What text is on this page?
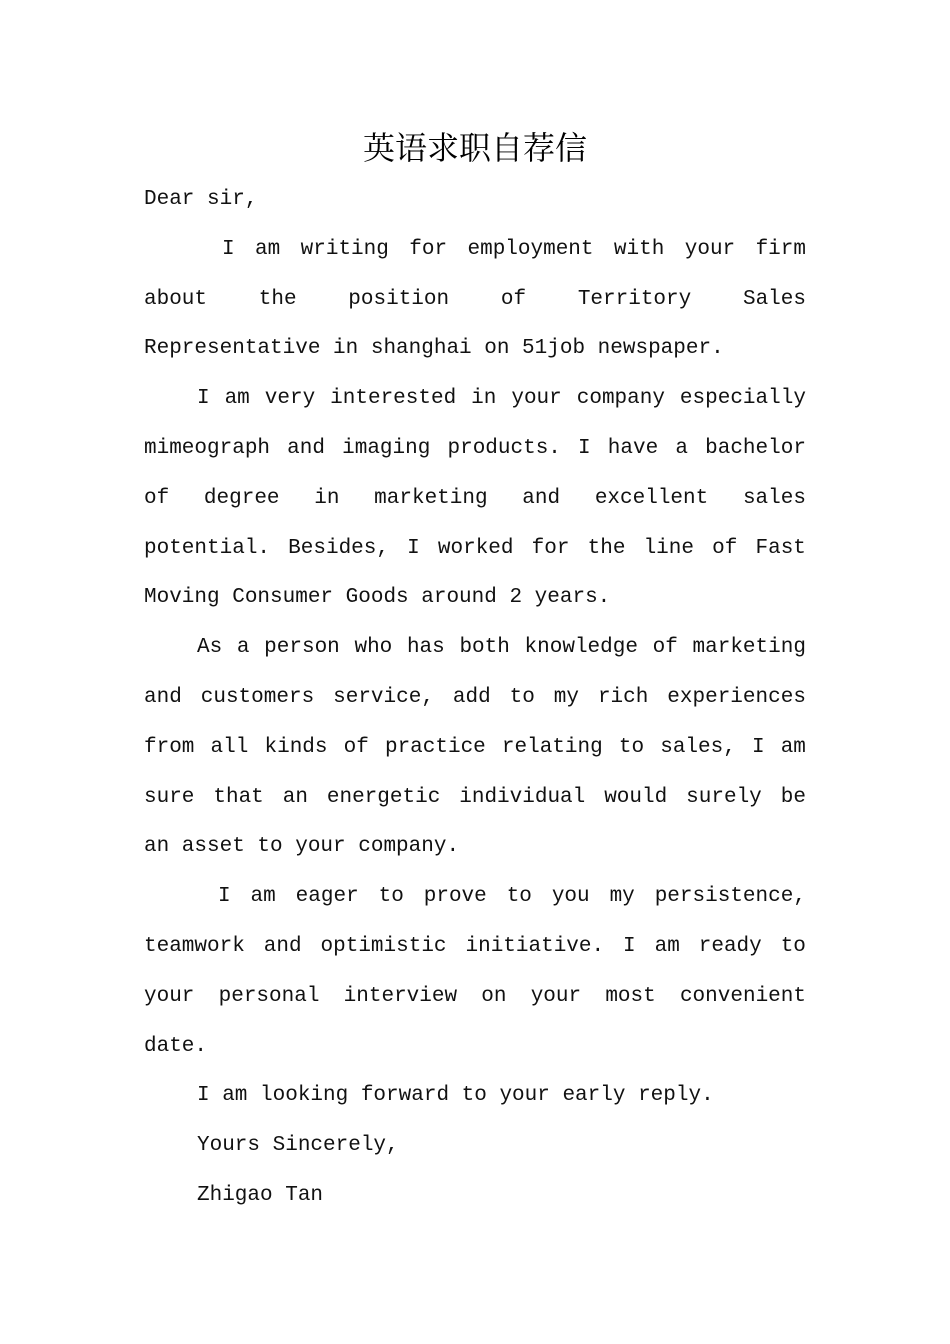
英语求职自荐信
Dear sir,
I am writing for employment with your firm
about the position of Territory Sales
Representative in shanghai on 51job newspaper.
I am very interested in your company especially
mimeograph and imaging products. I have a bachelor
of degree in marketing and excellent sales
potential. Besides, I worked for the line of Fast
Moving Consumer Goods around 2 years.
As a person who has both knowledge of marketing
and customers service, add to my rich experiences
from all kinds of practice relating to sales, I am
sure that an energetic individual would surely be
an asset to your company.
I am eager to prove to you my persistence,
teamwork and optimistic initiative. I am ready to
your personal interview on your most convenient
date.
I am looking forward to your early reply.
Yours Sincerely,
Zhigao Tan
